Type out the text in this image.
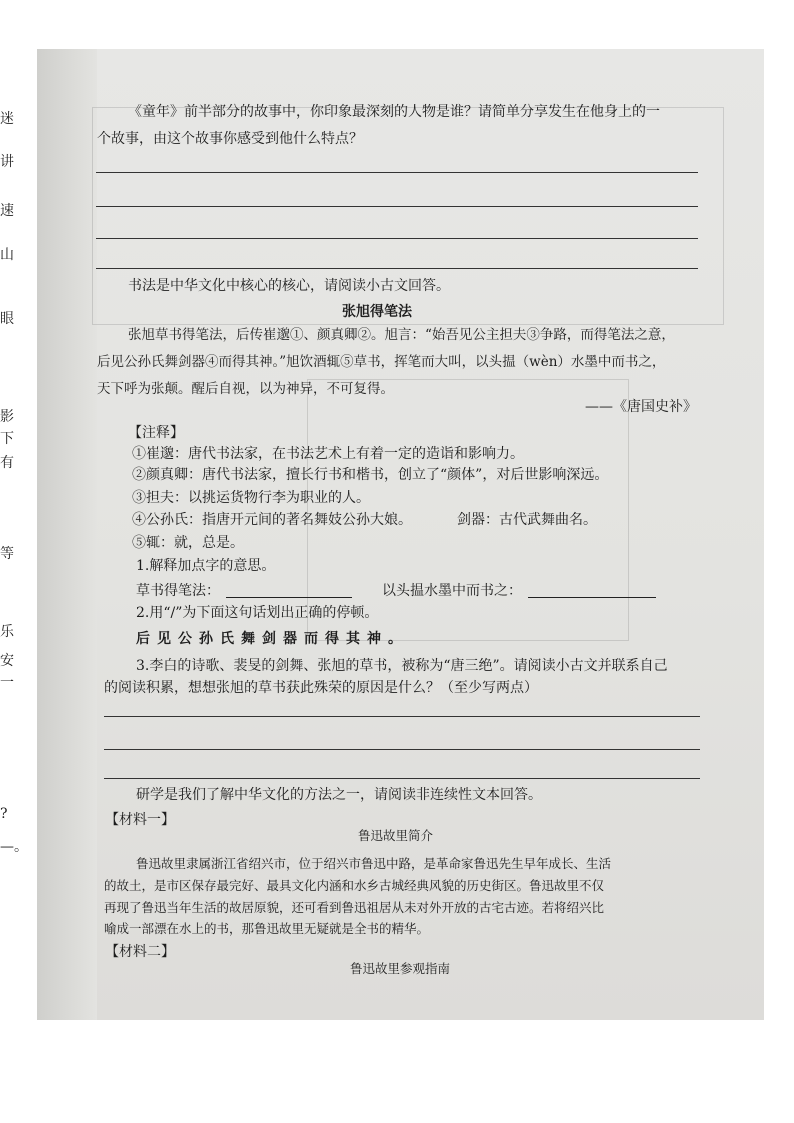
迷
讲
速
山
眼
影
下
有
等
乐
安
一
?
—。
《童年》前半部分的故事中，你印象最深刻的人物是谁？请简单分享发生在他身上的一
个故事，由这个故事你感受到他什么特点？
书法是中华文化中核心的核心，请阅读小古文回答。
张旭得笔法
张旭草书得笔法，后传崔邈①、颜真卿②。旭言：“始吾见公主担夫③争路，而得笔法之意，
后见公孙氏舞剑器④而得其神。”旭饮酒辄⑤草书，挥笔而大叫，以头揾（wèn）水墨中而书之，
天下呼为张颠。醒后自视，以为神异，不可复得。
——《唐国史补》
【注释】
①崔邈：唐代书法家，在书法艺术上有着一定的造诣和影响力。
②颜真卿：唐代书法家，擅长行书和楷书，创立了“颜体”，对后世影响深远。
③担夫：以挑运货物行李为职业的人。
④公孙氏：指唐开元间的著名舞妓公孙大娘。	剑器：古代武舞曲名。
⑤辄：就，总是。
1.解释加点字的意思。
草书得笔法：	以头揾水墨中而书之：
2.用“/”为下面这句话划出正确的停顿。
后见公孙氏舞剑器而得其神。
3.李白的诗歌、裴旻的剑舞、张旭的草书，被称为“唐三绝”。请阅读小古文并联系自己
的阅读积累，想想张旭的草书获此殊荣的原因是什么？（至少写两点）
研学是我们了解中华文化的方法之一，请阅读非连续性文本回答。
【材料一】
鲁迅故里简介
鲁迅故里隶属浙江省绍兴市，位于绍兴市鲁迅中路，是革命家鲁迅先生早年成长、生活
的故土，是市区保存最完好、最具文化内涵和水乡古城经典风貌的历史街区。鲁迅故里不仅
再现了鲁迅当年生活的故居原貌，还可看到鲁迅祖居从未对外开放的古宅古迹。若将绍兴比
喻成一部漂在水上的书，那鲁迅故里无疑就是全书的精华。
【材料二】
鲁迅故里参观指南
